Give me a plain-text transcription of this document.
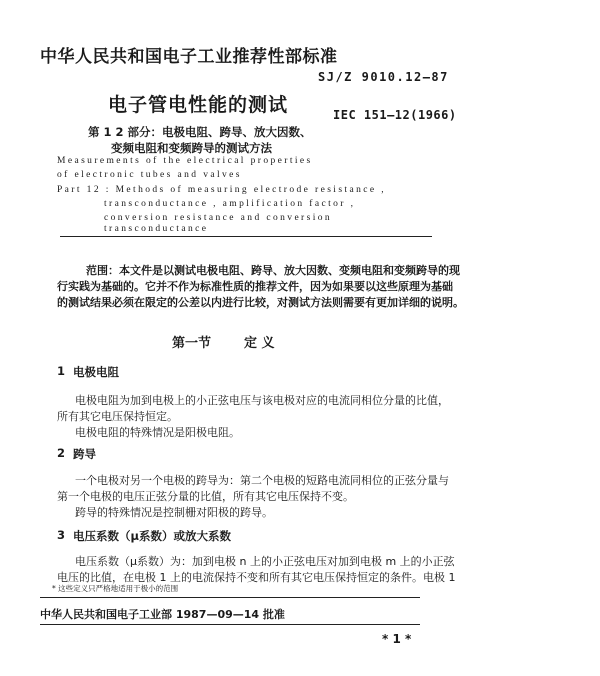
中华人民共和国电子工业推荐性部标准
SJ/Z 9010.12—87
电子管电性能的测试	IEC 151—12(1966)
第 1 2 部分：电极电阻、跨导、放大因数、
变频电阻和变频跨导的测试方法
Measurements of the electrical properties
of electronic tubes and valves
Part 12 : Methods of measuring electrode resistance ,
transconductance , amplification factor ,
conversion resistance and conversion
transconductance
范围：本文件是以测试电极电阻、跨导、放大因数、变频电阻和变频跨导的现
行实践为基础的。它并不作为标准性质的推荐文件，因为如果要以这些原理为基础
的测试结果必须在限定的公差以内进行比较，对测试方法则需要有更加详细的说明。
第一节	定 义
1 电极电阻
电极电阻为加到电极上的小正弦电压与该电极对应的电流同相位分量的比值，
所有其它电压保持恒定。
电极电阻的特殊情况是阳极电阻。
2 跨导
一个电极对另一个电极的跨导为：第二个电极的短路电流同相位的正弦分量与
第一个电极的电压正弦分量的比值，所有其它电压保持不变。
跨导的特殊情况是控制栅对阳极的跨导。
3 电压系数（μ系数）或放大系数
电压系数（μ系数）为：加到电极 n 上的小正弦电压对加到电极 m 上的小正弦
电压的比值，在电极 1 上的电流保持不变和所有其它电压保持恒定的条件。电极 1
* 这些定义只严格地适用于极小的范围
中华人民共和国电子工业部 1987—09—14 批准
* 1 *
